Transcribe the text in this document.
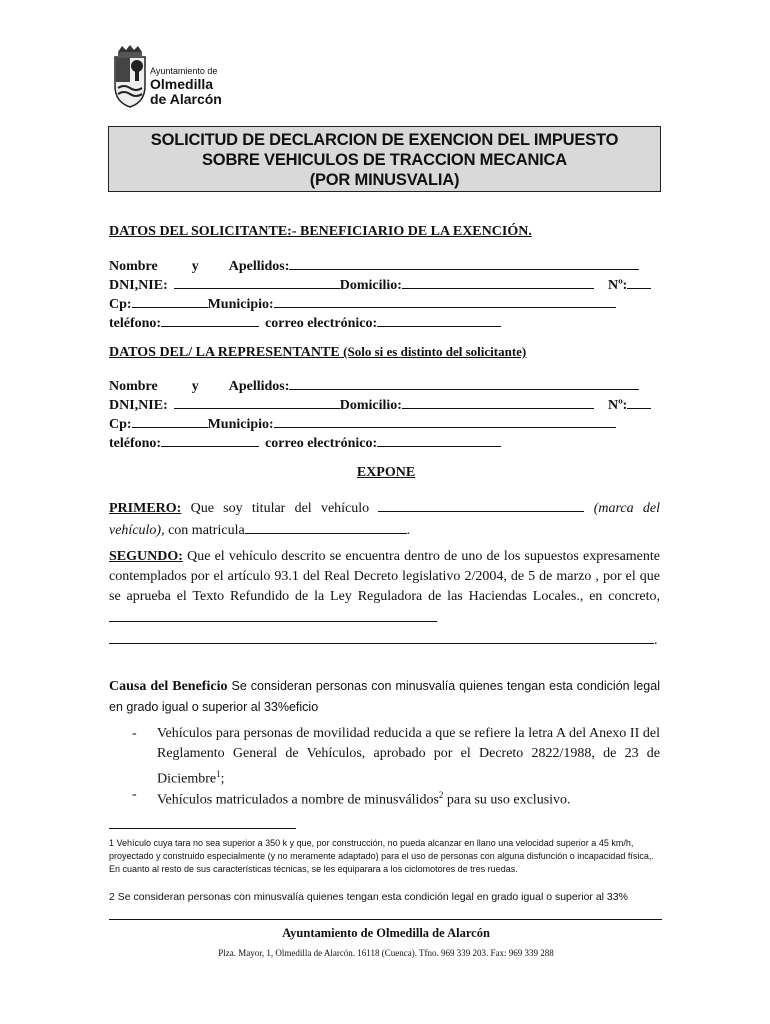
Ayuntamiento de
Olmedilla
de Alarcón
SOLICITUD DE DECLARCION DE EXENCION DEL IMPUESTO
SOBRE VEHICULOS DE TRACCION MECANICA
(POR MINUSVALIA)
DATOS DEL SOLICITANTE:- BENEFICIARIO DE LA EXENCIÓN.
Nombre y Apellidos:
DNI,NIE:	Domicilio:	Nº:
Cp:	Municipio:
teléfono:	correo electrónico:
DATOS DEL/ LA REPRESENTANTE (Solo si es distinto del solicitante)
Nombre y Apellidos:
DNI,NIE:	Domicilio:	Nº:
Cp:	Municipio:
teléfono:	correo electrónico:
EXPONE
PRIMERO: Que soy titular del vehículo	(marca del vehículo), con matricula	.
SEGUNDO: Que el vehículo descrito se encuentra dentro de uno de los supuestos expresamente contemplados por el artículo 93.1 del Real Decreto legislativo 2/2004, de 5 de marzo , por el que se aprueba el Texto Refundido de la Ley Reguladora de las Haciendas Locales., en concreto,
.
Causa del Beneficio Se consideran personas con minusvalía quienes tengan esta condición legal en grado igual o superior al 33%eficio
- Vehículos para personas de movilidad reducida a que se refiere la letra A del Anexo II del Reglamento General de Vehículos, aprobado por el Decreto 2822/1988, de 23 de Diciembre$^1$;
- Vehículos matriculados a nombre de minusválidos$^2$ para su uso exclusivo.
1 Vehículo cuya tara no sea superior a 350 k y que, por construcción, no pueda alcanzar en llano una velocidad superior a 45 km/h, proyectado y construido especialmente (y no meramente adaptado) para el uso de personas con alguna disfunción o incapacidad física,. En cuanto al resto de sus características técnicas, se les equiparara a los ciclomotores de tres ruedas.
2 Se consideran personas con minusvalía quienes tengan esta condición legal en grado igual o superior al 33%
Ayuntamiento de Olmedilla de Alarcón
Plza. Mayor, 1, Olmedilla de Alarcón. 16118 (Cuenca). Tfno. 969 339 203. Fax: 969 339 288
